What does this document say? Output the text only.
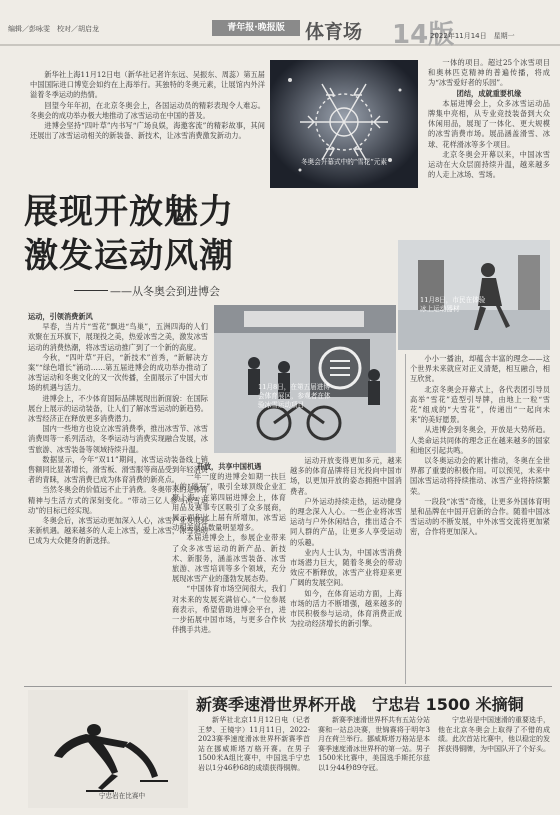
编辑／彭咏雯　校对／胡启龙	青年报·晚报版	体育场 14版
2022年11月14日　星期一

新华社上海11月12日电（新华社记者许东远、吴振东、周蕊）第五届中国国际进口博览会如约在上海举行。其独特的冬奥元素，让展馆内外洋溢着冬季运动的热情。

回望今年年初，在北京冬奥会上，各国运动员的精彩表现令人难忘。冬奥会的成功举办极大地推动了冰雪运动在中国的普及。

进博会坚持“四叶草”内书写“广场良娱，海邀客流”的精彩故事，其间还展出了冰雪运动相关的新装备、新技术，让冰雪消费激发新动力。

冬奥会开幕式中的“雪花”元素

一体的项目。超过25个冰雪项目和奥林匹克精神的普遍传播，将成为“冰雪爱好者的乐园”。

团结，成就重要机缘

本届进博会上，众多冰雪运动品牌集中亮相，从专业竞技装备到大众休闲用品，展现了一体化、更大规模的冰雪消费市场。展品涵盖滑雪、冰球、花样滑冰等多个项目。

北京冬奥会开幕以来，中国冰雪运动在大众层面持续升温，越来越多的人走上冰场、雪场。

展现开放魅力
激发运动风潮
——从冬奥会到进博会
11月8日，市民在体验冰上运动器材
11月8日，在第五届进博会体育展区，参观者在体验冰雪运动项目

运动，引领消费新风

早春，当片片“雪花”飘进“鸟巢”，五洲四海的人们欢聚在五环旗下，展现投之美，热爱冰雪之美，激发冰雪运动的消费热潮，将冰雪运动推广到了一个新的高度。

今秋，“四叶草”开启，“新技术”首秀，“新解决方案”“绿色增长”涌动……第五届进博会的成功举办推动了冰雪运动和冬奥文化的又一次传播，全面展示了中国大市场的机遇与活力。

进博会上，不少体育国际品牌展现出新面貌：在国际展台上展示的运动装备，让人们了解冰雪运动的新趋势。冰雪经济正在释放更多消费潜力。

国内一些地方也设立冰雪消费季，推出冰雪节、冰雪消费周等一系列活动，冬季运动与消费实现融合发展，冰雪旅游、冰雪装备等领域持续升温。

数据显示，今年“双11”期间，冰雪运动装备线上销售额同比显著增长，滑雪板、滑雪服等商品受到年轻消费者的青睐，冰雪消费已成为体育消费的新亮点。

当然冬奥会的价值远不止于消费。冬奥带来的是体育精神与生活方式的深刻变化。“带动三亿人参与冰雪运动”的目标已经实现。

冬奥会后，冰雪运动更加深入人心，冰雪产业发展迎来新机遇。越来越多的人走上冰雪，爱上冰雪，冰雪运动已成为大众健身的新选择。

开放，共享中国机遇

一年一度的进博会如期一扶巨大的“磁石”，吸引全球顶级企业汇聚上海。在第四届进博会上，体育用品及赛事专区吸引了众多展商，展示面积比上届有所增加，冰雪运动相关展品数量明显增多。

本届进博会上，参展企业带来了众多冰雪运动的新产品、新技术、新服务，涵盖冰雪装备、冰雪旅游、冰雪培训等多个领域，充分展现冰雪产业的蓬勃发展态势。

“中国体育市场空间很大，我们对未来的发展充满信心。”一位参展商表示，希望借助进博会平台，进一步拓展中国市场，与更多合作伙伴携手共进。

运动开放变得更加多元，越来越多的体育品牌将目光投向中国市场，以更加开放的姿态拥抱中国消费者。

户外运动持续走热，运动健身的理念深入人心。一些企业将冰雪运动与户外休闲结合，推出适合不同人群的产品，让更多人享受运动的乐趣。

业内人士认为，中国冰雪消费市场潜力巨大，随着冬奥会的带动效应不断释放，冰雪产业将迎来更广阔的发展空间。

如今，在体育运动方面，上海市场的活力不断增强，越来越多的市民积极参与运动，体育消费正成为拉动经济增长的新引擎。

小小一播油，却蕴含丰富的理念——这个世界未来就应对正义清楚，相互融合，相互欣赏。

北京冬奥会开幕式上，各代表团引导员高举“雪花”造型引导牌，由地上一粒“雪花”组成的“大雪花”，传递出“一起向未来”的美好愿景。

从进博会到冬奥会，开放是大势所趋。人类命运共同体的理念正在越来越多的国家和地区引起共鸣。

以冬奥运动会的累计推动，冬奥在全世界都了重要的积极作用。可以预见，未来中国冰雪运动将持续推动、冰雪产业将持续繁荣。

一段段“冰雪”奇缘，让更多外国体育明星和品牌在中国开启新的合作。随着中国冰雪运动的不断发展，中外冰雪交流将更加紧密，合作将更加深入。

宁忠岩在比赛中
新赛季速滑世界杯开战　宁忠岩 1500 米摘铜

新华社北京11月12日电（记者王梦、王镜宇）11月11日，2022-2023赛季速度滑冰世界杯新赛季首站在挪威斯塔万格开赛。在男子1500米A组比赛中，中国选手宁忠岩以1分46秒68的成绩获得铜牌。

新赛季速滑世界杯共有五站分站赛和一站总决赛，世锦赛将于明年3月在荷兰举行。挪威斯塔万格站是本赛季速度滑冰世界杯的第一站。男子1500米比赛中，美国选手斯托尔兹以1分44秒89夺冠。

宁忠岩是中国速滑的重要选手，他在北京冬奥会上取得了不错的成绩。此次首站比赛中，他以稳定的发挥获得铜牌，为中国队开了个好头。
